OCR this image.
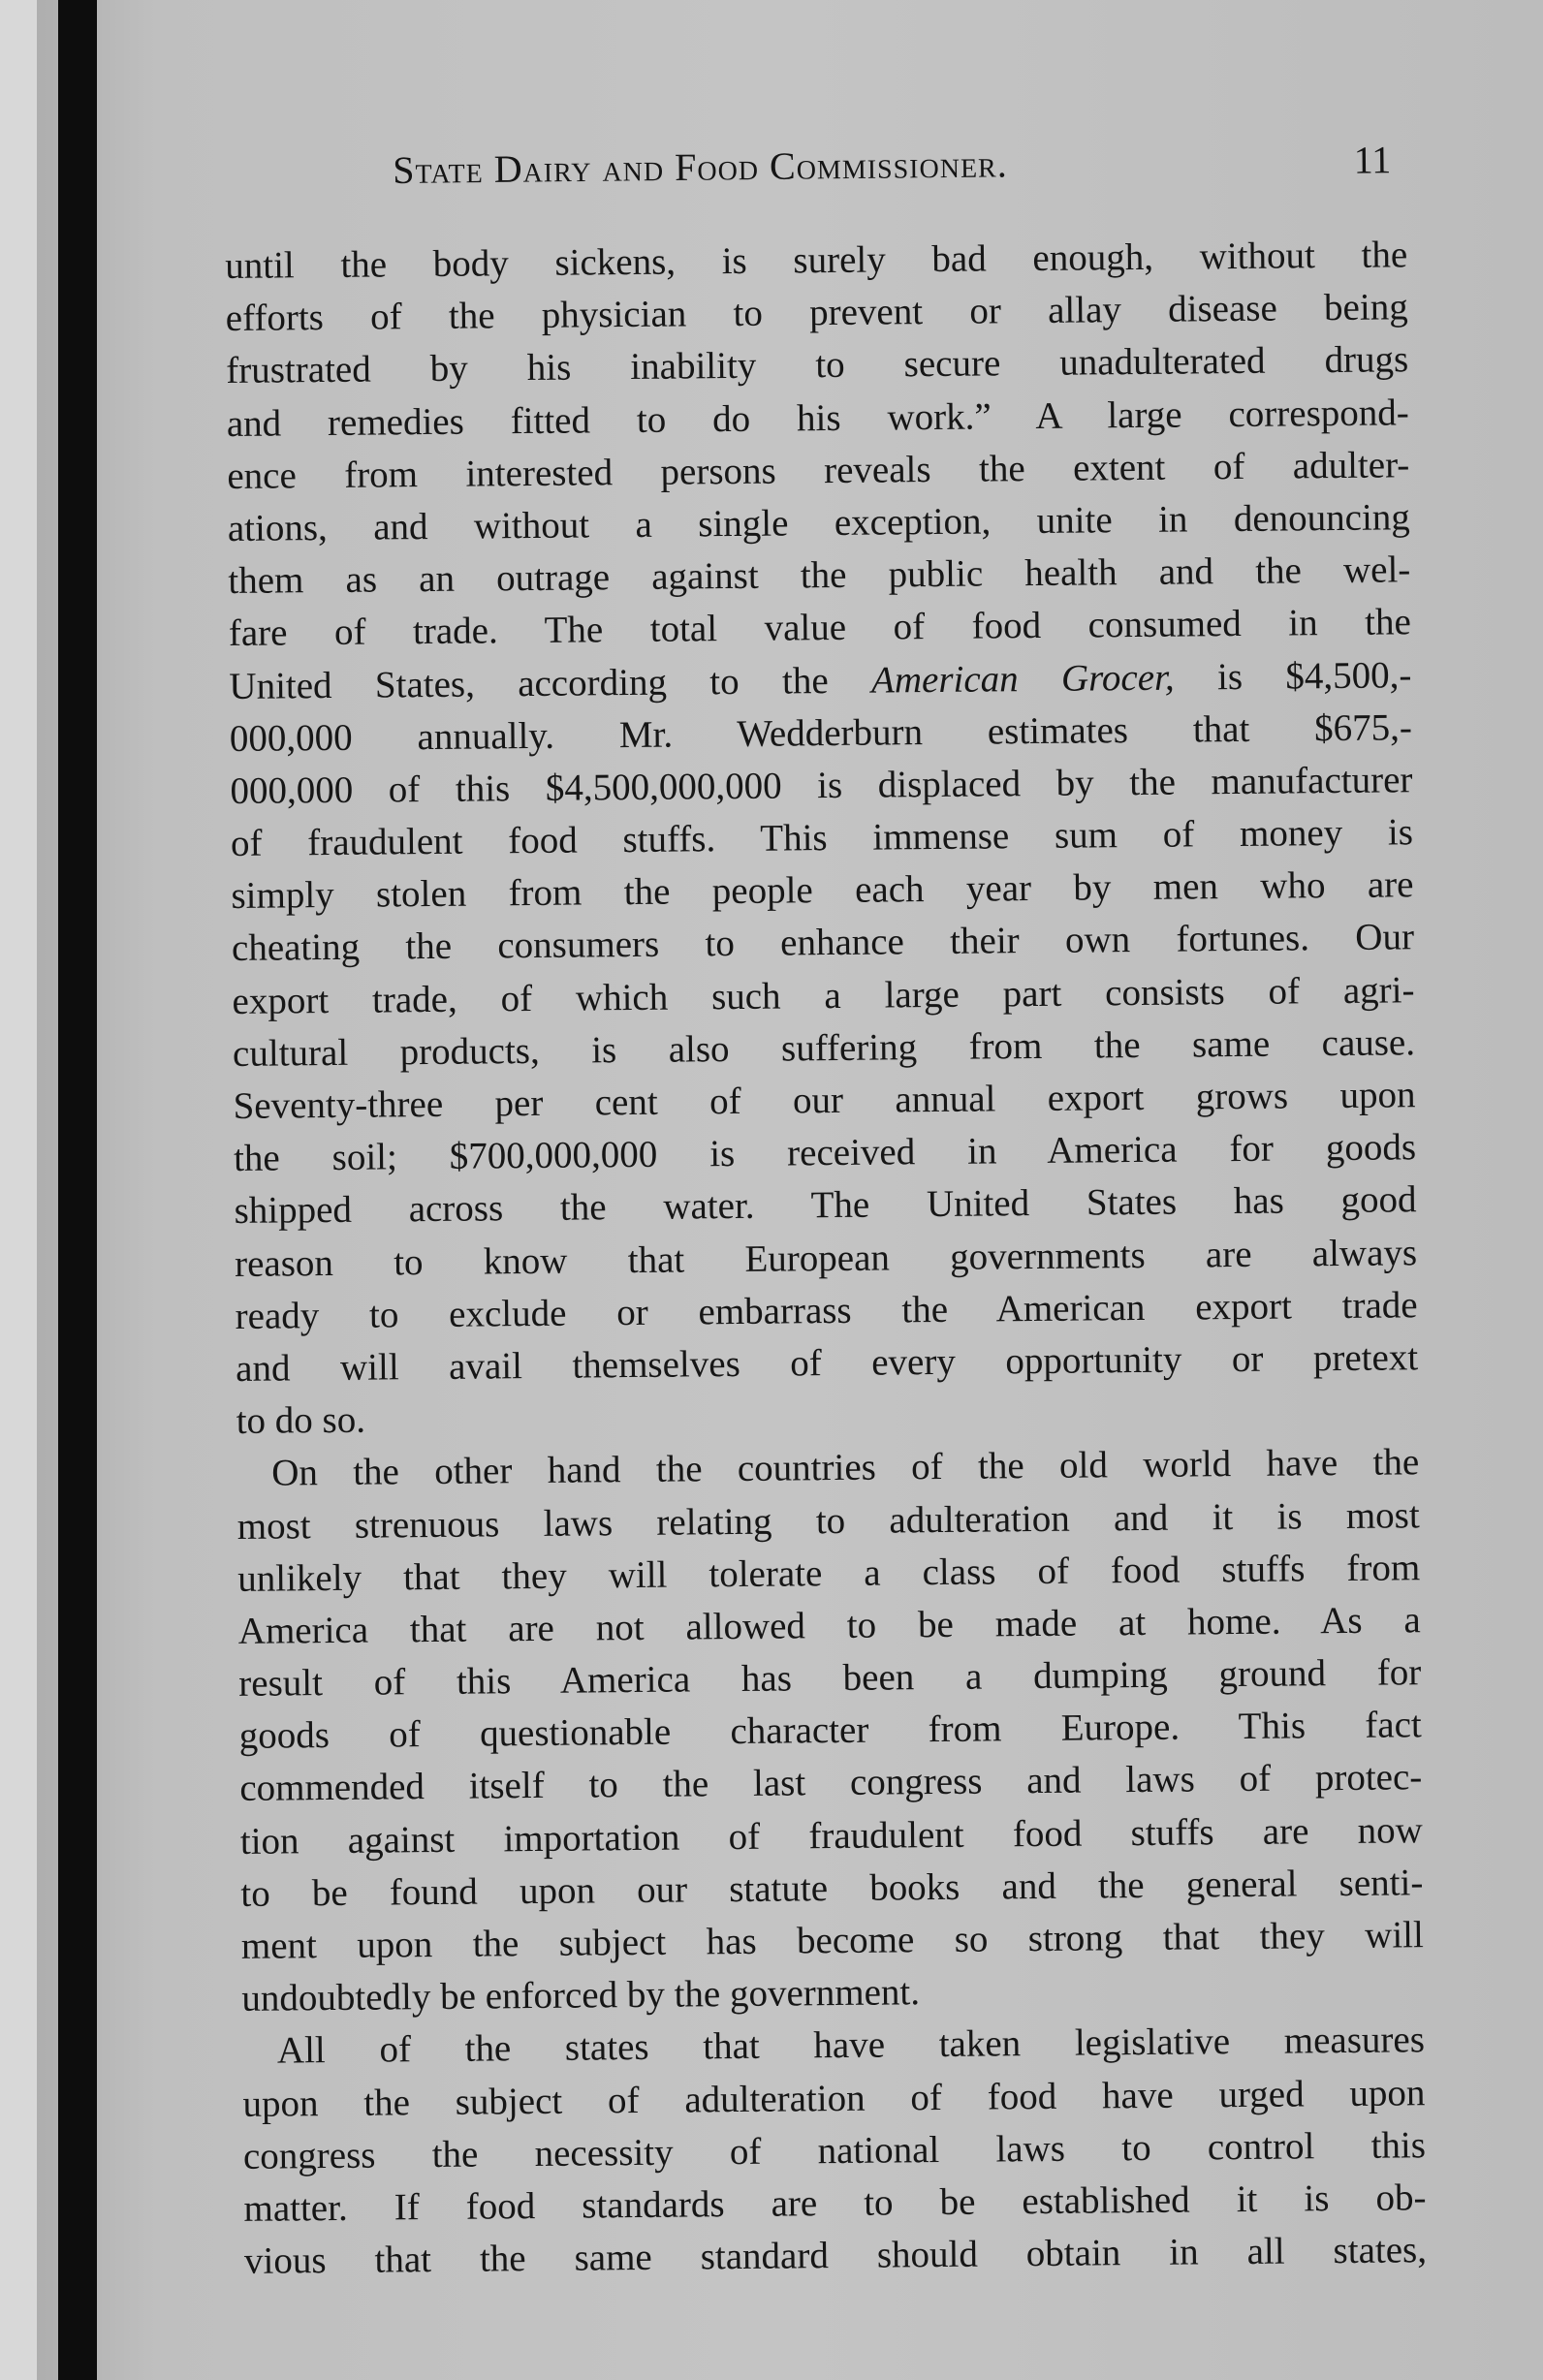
State Dairy and Food Commissioner.	11
until the body sickens, is surely bad enough, without the
efforts of the physician to prevent or allay disease being
frustrated by his inability to secure unadulterated drugs
and remedies fitted to do his work.” A large correspond-
ence from interested persons reveals the extent of adulter-
ations, and without a single exception, unite in denouncing
them as an outrage against the public health and the wel-
fare of trade. The total value of food consumed in the
United States, according to the American Grocer, is $4,500,-
000,000 annually. Mr. Wedderburn estimates that $675,-
000,000 of this $4,500,000,000 is displaced by the manufacturer
of fraudulent food stuffs. This immense sum of money is
simply stolen from the people each year by men who are
cheating the consumers to enhance their own fortunes. Our
export trade, of which such a large part consists of agri-
cultural products, is also suffering from the same cause.
Seventy-three per cent of our annual export grows upon
the soil; $700,000,000 is received in America for goods
shipped across the water. The United States has good
reason to know that European governments are always
ready to exclude or embarrass the American export trade
and will avail themselves of every opportunity or pretext
to do so.
On the other hand the countries of the old world have the
most strenuous laws relating to adulteration and it is most
unlikely that they will tolerate a class of food stuffs from
America that are not allowed to be made at home. As a
result of this America has been a dumping ground for
goods of questionable character from Europe. This fact
commended itself to the last congress and laws of protec-
tion against importation of fraudulent food stuffs are now
to be found upon our statute books and the general senti-
ment upon the subject has become so strong that they will
undoubtedly be enforced by the government.
All of the states that have taken legislative measures
upon the subject of adulteration of food have urged upon
congress the necessity of national laws to control this
matter. If food standards are to be established it is ob-
vious that the same standard should obtain in all states,
